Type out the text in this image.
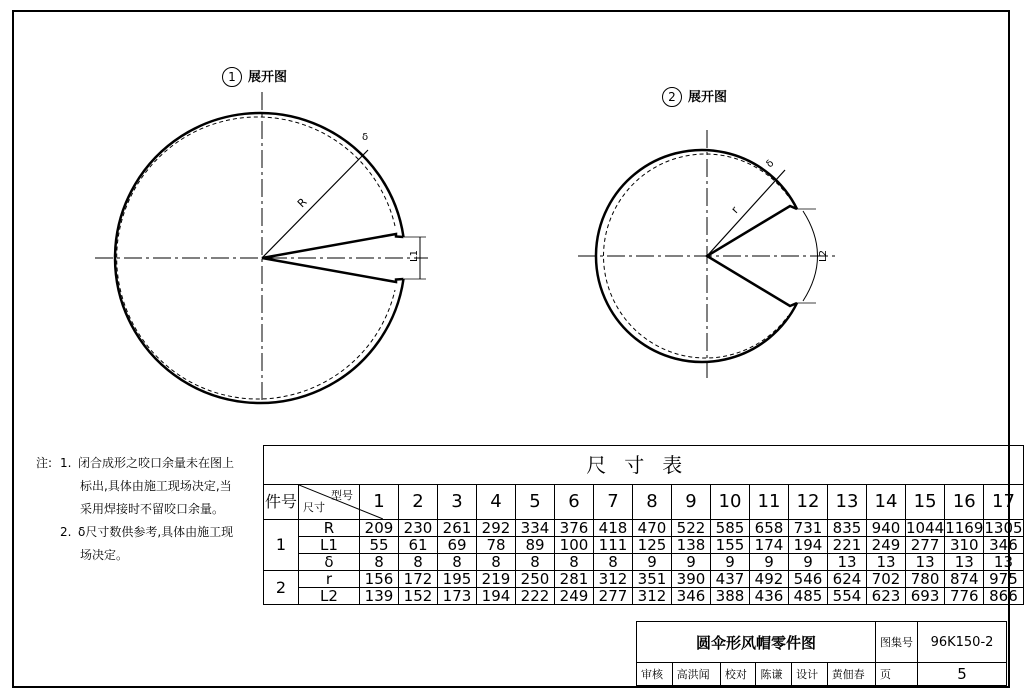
R
δ
L1
r
δ
L2
1 展开图
2 展开图
注: 1. 闭合成形之咬口余量未在图上标出,具体由施工现场决定,当采用焊接时不留咬口余量。
2. δ尺寸数供参考,具体由施工现场决定。
尺寸表																		
件号	型号
尺寸	1	2	3	4	5	6	7	8	9	10	11	12	13	14	15	16	17
1	R	209	230	261	292	334	376	418	470	522	585	658	731	835	940	1044	1169	1305
	L1	55	61	69	78	89	100	111	125	138	155	174	194	221	249	277	310	346
	δ	8	8	8	8	8	8	8	9	9	9	9	9	13	13	13	13	13
2	r	156	172	195	219	250	281	312	351	390	437	492	546	624	702	780	874	975
	L2	139	152	173	194	222	249	277	312	346	388	436	485	554	623	693	776	866
圆伞形风帽零件图						图集号	96K150-2
审核	高洪闻	校对	陈谦	设计	黄佃春	页	5
